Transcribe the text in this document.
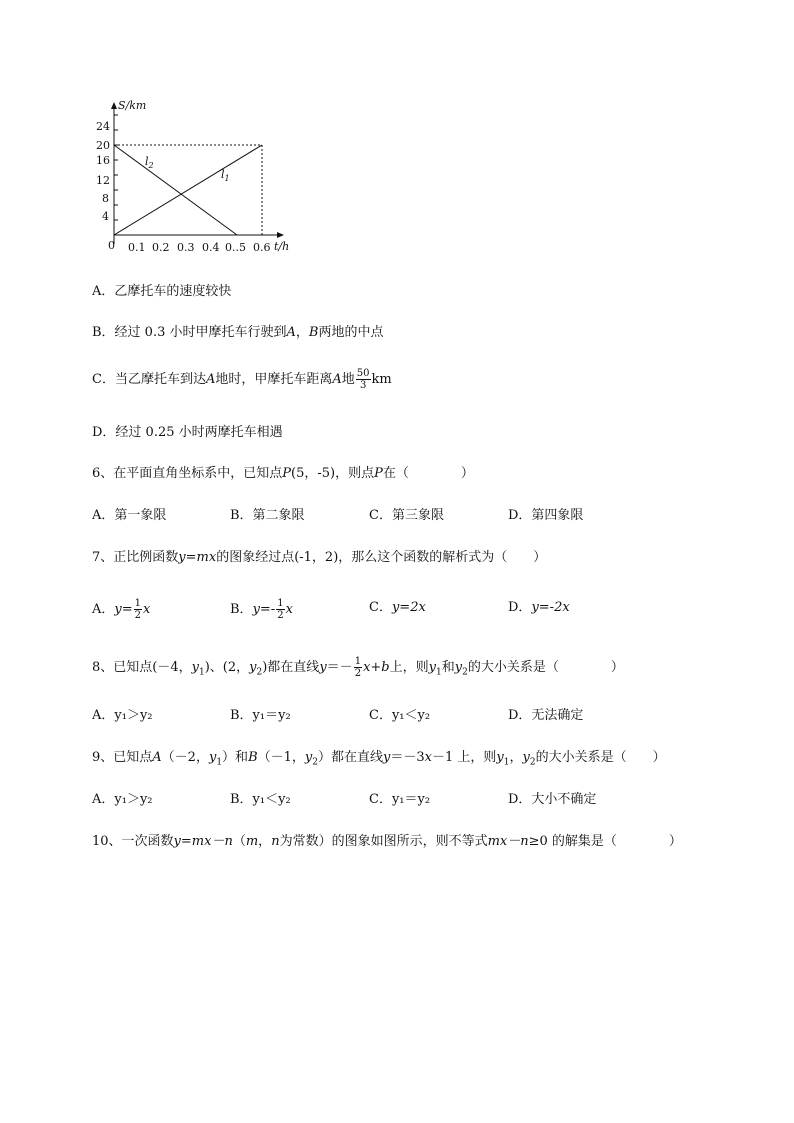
24
20
16
12
8
4
0 0.1 0.2 0.3 0.4 0..5 0.6
S/km
t/h
$l_2$
$l_1$
A．乙摩托车的速度较快
B．经过 0.3 小时甲摩托车行驶到A，B两地的中点
C．当乙摩托车到达A地时，甲摩托车距离A地 $\frac{50}{3}$ km
D．经过 0.25 小时两摩托车相遇
6、在平面直角坐标系中，已知点P(5，-5)，则点P在（　　　　）
A．第一象限	B．第二象限	C．第三象限	D．第四象限
7、正比例函数y=mx的图象经过点(-1，2)，那么这个函数的解析式为（　　）
A．$y= \frac{1}{2}$ x	B．$y=- \frac{1}{2}$ x	C．y=2x	D．y=-2x
8、已知点(－4，$y_1$)、(2，$y_2$)都在直线$y=- \frac{1}{2} x+b$上，则$y_1$和$y_2$的大小关系是（　　　　）
A．y₁＞y₂	B．y₁＝y₂	C．y₁＜y₂	D．无法确定
9、已知点A（－2，$y_1$）和B（－1，$y_2$）都在直线y＝－3x－1 上，则$y_1$，$y_2$的大小关系是（　　）
A．y₁＞y₂	B．y₁＜y₂	C．y₁＝y₂	D．大小不确定
10、一次函数y=mx－n（m，n为常数）的图象如图所示，则不等式mx－n≥0 的解集是（　　　　）
